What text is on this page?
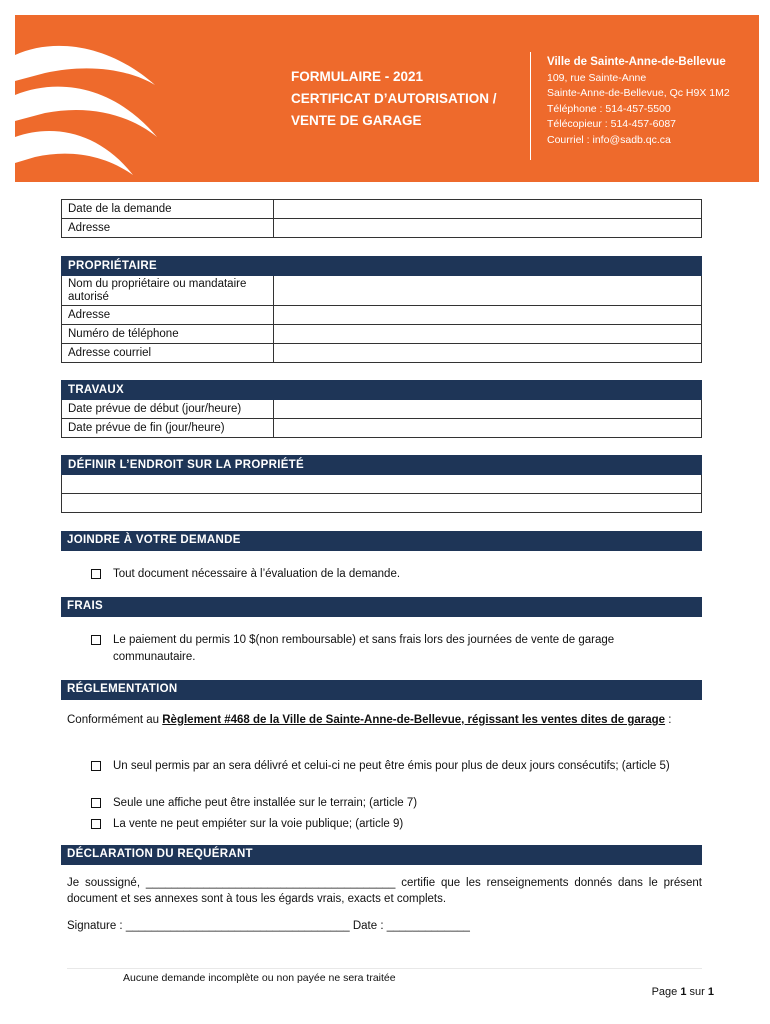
FORMULAIRE - 2021
CERTIFICAT D’AUTORISATION /
VENTE DE GARAGE
Ville de Sainte-Anne-de-Bellevue
109, rue Sainte-Anne
Sainte-Anne-de-Bellevue, Qc H9X 1M2
Téléphone : 514-457-5500
Télécopieur : 514-457-6087
Courriel : info@sadb.qc.ca
Date de la demande	
Adresse	
PROPRIÉTAIRE	
Nom du propriétaire ou mandataire autorisé	
Adresse	
Numéro de téléphone	
Adresse courriel	
TRAVAUX	
Date prévue de début (jour/heure)	
Date prévue de fin (jour/heure)	
DÉFINIR L’ENDROIT SUR LA PROPRIÉTÉ

JOINDRE À VOTRE DEMANDE
Tout document nécessaire à l’évaluation de la demande.
FRAIS
Le paiement du permis 10 $(non remboursable) et sans frais lors des journées de vente de garage communautaire.
RÉGLEMENTATION
Conformément au Règlement #468 de la Ville de Sainte-Anne-de-Bellevue, régissant les ventes dites de garage :
Un seul permis par an sera délivré et celui-ci ne peut être émis pour plus de deux jours consécutifs; (article 5)
Seule une affiche peut être installée sur le terrain; (article 7)
La vente ne peut empiéter sur la voie publique; (article 9)
DÉCLARATION DU REQUÉRANT
Je soussigné, _______________________________________ certifie que les renseignements donnés dans le présent document et ses annexes sont à tous les égards vrais, exacts et complets.
Signature : ___________________________________ Date : _____________
Aucune demande incomplète ou non payée ne sera traitée
Page 1 sur 1
